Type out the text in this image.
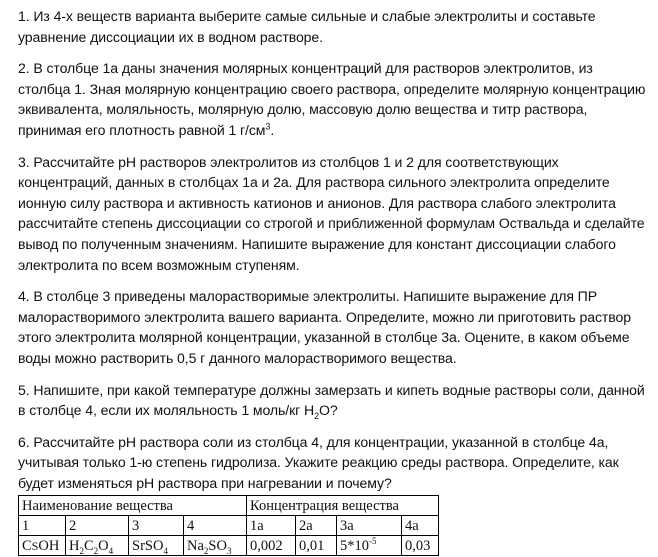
1. Из 4-х веществ варианта выберите самые сильные и слабые электролиты и составьте уравнение диссоциации их в водном растворе.

2. В столбце 1а даны значения молярных концентраций для растворов электролитов, из столбца 1. Зная молярную концентрацию своего раствора, определите молярную концентрацию эквивалента, моляльность, молярную долю, массовую долю вещества и титр раствора, принимая его плотность равной 1 $г/см^3$.

3. Рассчитайте pH растворов электролитов из столбцов 1 и 2 для соответствующих концентраций, данных в столбцах 1а и 2а. Для раствора сильного электролита определите ионную силу раствора и активность катионов и анионов. Для раствора слабого электролита рассчитайте степень диссоциации со строгой и приближенной формулам Оствальда и сделайте вывод по полученным значениям. Напишите выражение для констант диссоциации слабого электролита по всем возможным ступеням.

4. В столбце 3 приведены малорастворимые электролиты. Напишите выражение для ПР малорастворимого электролита вашего варианта. Определите, можно ли приготовить раствор этого электролита молярной концентрации, указанной в столбце 3а. Оцените, в каком объеме воды можно растворить 0,5 г данного малорастворимого вещества.

5. Напишите, при какой температуре должны замерзать и кипеть водные растворы соли, данной в столбце 4, если их моляльность 1 моль/кг $H_2O$?

6. Рассчитайте pH раствора соли из столбца 4, для концентрации, указанной в столбце 4а, учитывая только 1-ю степень гидролиза. Укажите реакцию среды раствора. Определите, как будет изменяться pH раствора при нагревании и почему?

Наименование вещества				Концентрация вещества			
1	2	3	4	1а	2а	3а	4а
CSOH	$H_2C_2O_4$	SrSO$_4$	$Na_2SO_3$	0,002	0,01	$5*10^{-5}$	0,03
